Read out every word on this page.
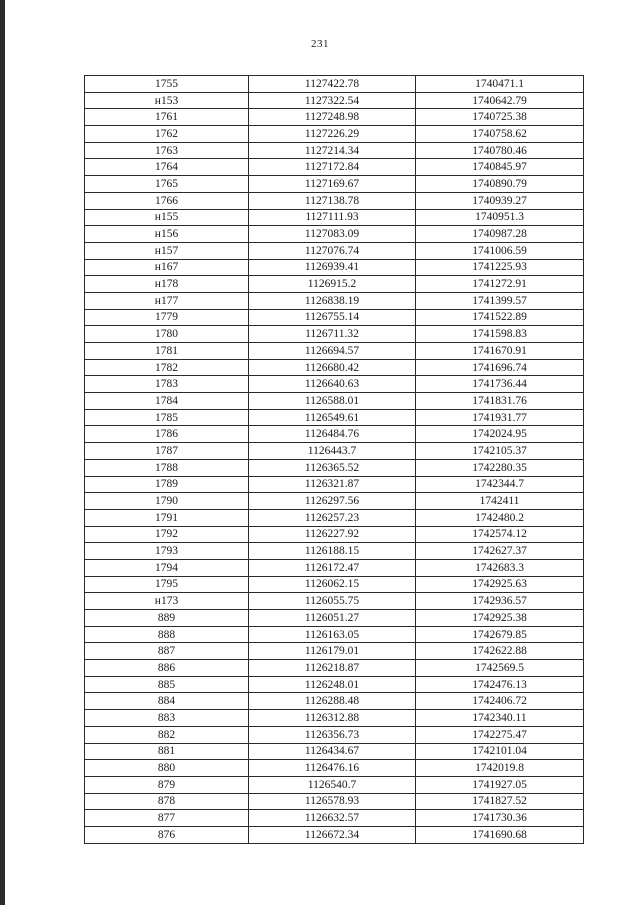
231
1755	1127422.78	1740471.1
н153	1127322.54	1740642.79
1761	1127248.98	1740725.38
1762	1127226.29	1740758.62
1763	1127214.34	1740780.46
1764	1127172.84	1740845.97
1765	1127169.67	1740890.79
1766	1127138.78	1740939.27
н155	1127111.93	1740951.3
н156	1127083.09	1740987.28
н157	1127076.74	1741006.59
н167	1126939.41	1741225.93
н178	1126915.2	1741272.91
н177	1126838.19	1741399.57
1779	1126755.14	1741522.89
1780	1126711.32	1741598.83
1781	1126694.57	1741670.91
1782	1126680.42	1741696.74
1783	1126640.63	1741736.44
1784	1126588.01	1741831.76
1785	1126549.61	1741931.77
1786	1126484.76	1742024.95
1787	1126443.7	1742105.37
1788	1126365.52	1742280.35
1789	1126321.87	1742344.7
1790	1126297.56	1742411
1791	1126257.23	1742480.2
1792	1126227.92	1742574.12
1793	1126188.15	1742627.37
1794	1126172.47	1742683.3
1795	1126062.15	1742925.63
н173	1126055.75	1742936.57
889	1126051.27	1742925.38
888	1126163.05	1742679.85
887	1126179.01	1742622.88
886	1126218.87	1742569.5
885	1126248.01	1742476.13
884	1126288.48	1742406.72
883	1126312.88	1742340.11
882	1126356.73	1742275.47
881	1126434.67	1742101.04
880	1126476.16	1742019.8
879	1126540.7	1741927.05
878	1126578.93	1741827.52
877	1126632.57	1741730.36
876	1126672.34	1741690.68
